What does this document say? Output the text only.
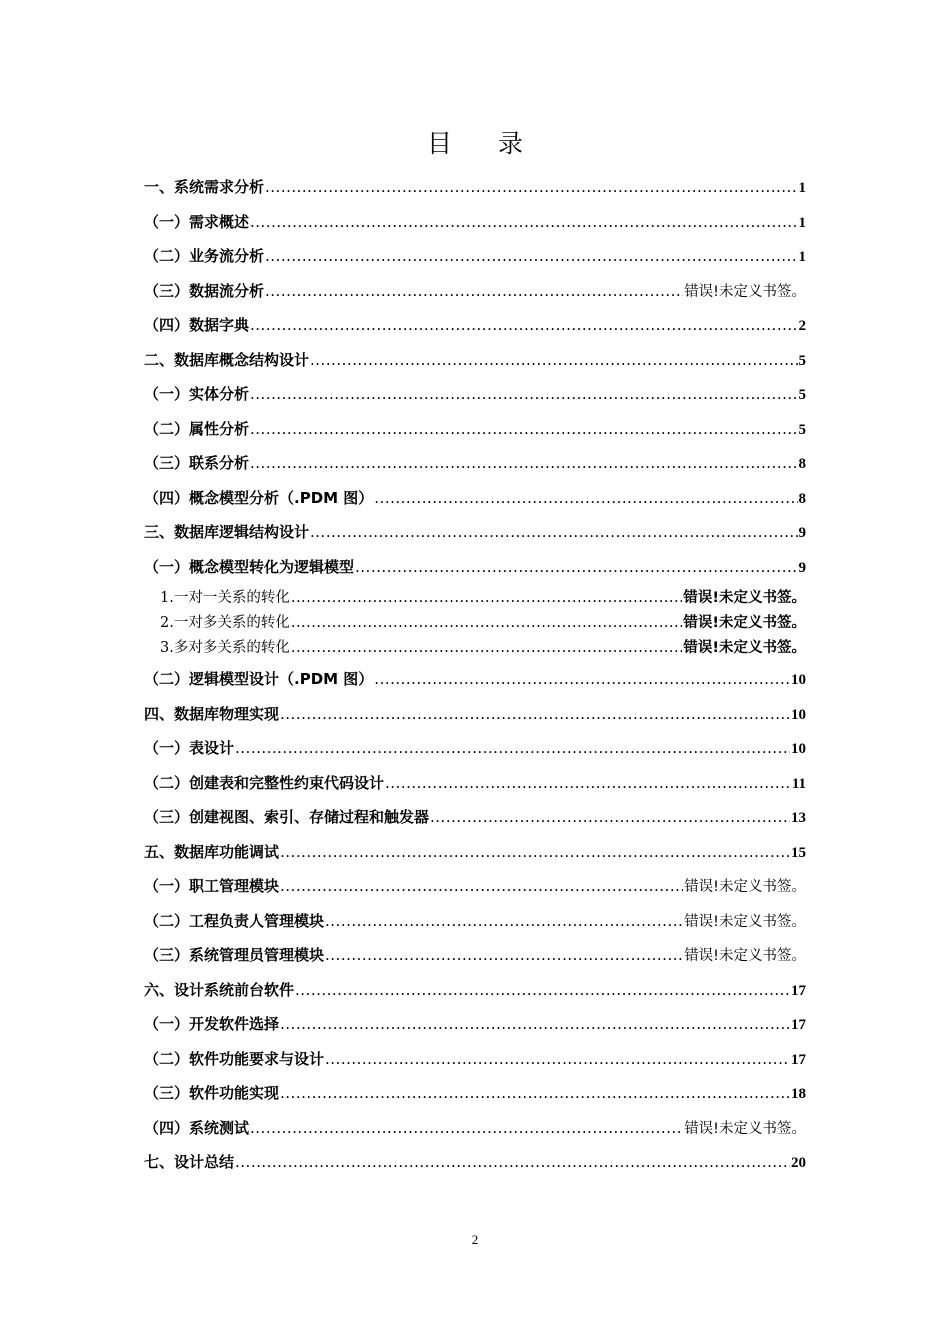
目 录
一、系统需求分析 .....	1
（一）需求概述 .....	1
（二）业务流分析 .....	1
（三）数据流分析 .....	错误!未定义书签。
（四）数据字典 .....	2
二、数据库概念结构设计 .....	5
（一）实体分析 .....	5
（二）属性分析 .....	5
（三）联系分析 .....	8
（四）概念模型分析（.PDM 图） .....	8
三、数据库逻辑结构设计 .....	9
（一）概念模型转化为逻辑模型 .....	9
1.一对一关系的转化 .....	错误!未定义书签。
2.一对多关系的转化 .....	错误!未定义书签。
3.多对多关系的转化 .....	错误!未定义书签。
（二）逻辑模型设计（.PDM 图） .....	10
四、数据库物理实现 .....	10
（一）表设计 .....	10
（二）创建表和完整性约束代码设计 .....	11
（三）创建视图、索引、存储过程和触发器 .....	13
五、数据库功能调试 .....	15
（一）职工管理模块 .....	错误!未定义书签。
（二）工程负责人管理模块 .....	错误!未定义书签。
（三）系统管理员管理模块 .....	错误!未定义书签。
六、设计系统前台软件 .....	17
（一）开发软件选择 .....	17
（二）软件功能要求与设计 .....	17
（三）软件功能实现 .....	18
（四）系统测试 .....	错误!未定义书签。
七、设计总结 .....	20
2
